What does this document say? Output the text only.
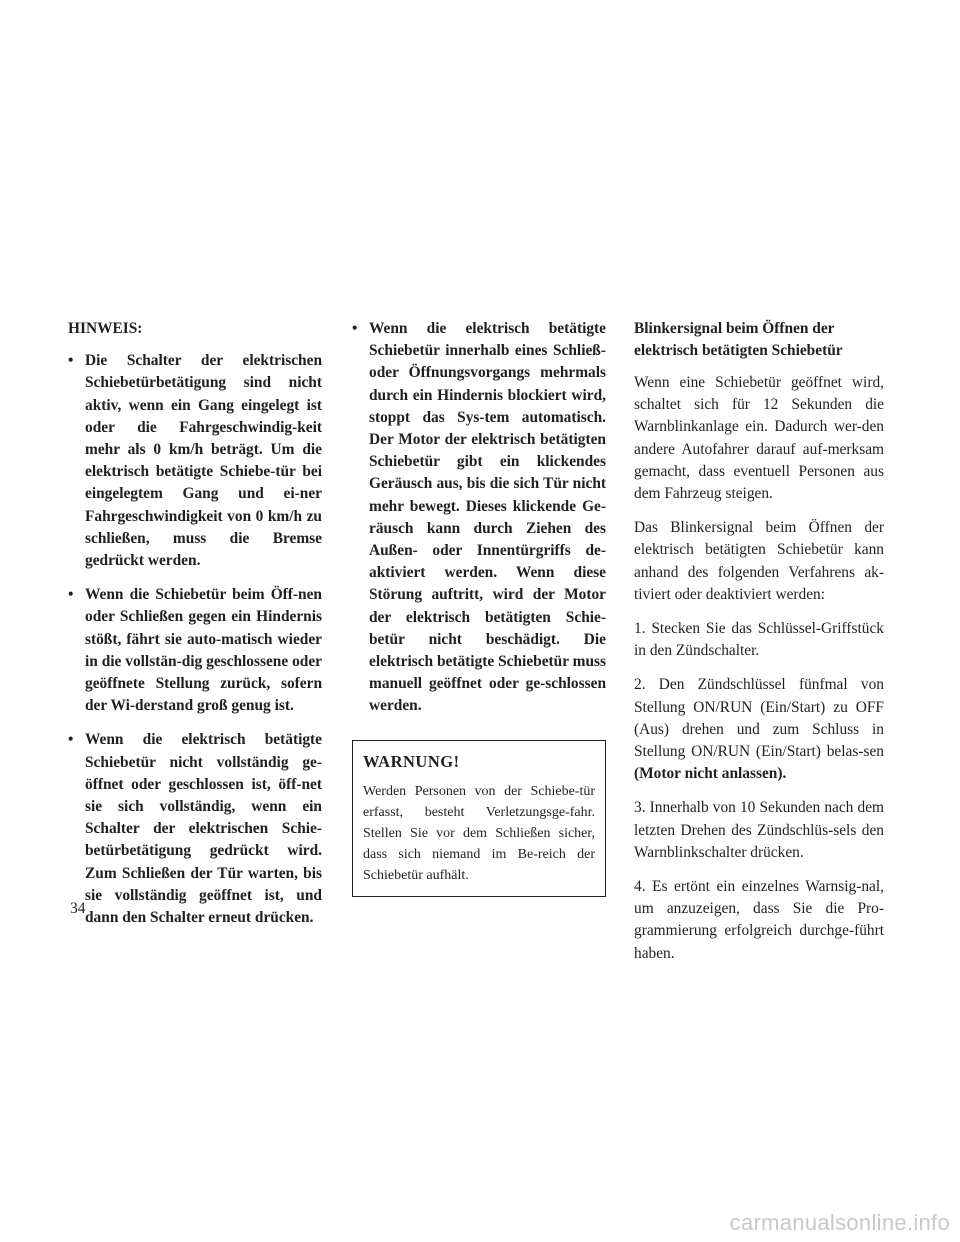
HINWEIS:

• Die Schalter der elektrischen Schiebetürbetätigung sind nicht aktiv, wenn ein Gang eingelegt ist oder die Fahrgeschwindig-keit mehr als 0 km/h beträgt. Um die elektrisch betätigte Schiebe-tür bei eingelegtem Gang und ei-ner Fahrgeschwindigkeit von 0 km/h zu schließen, muss die Bremse gedrückt werden.
• Wenn die Schiebetür beim Öff-nen oder Schließen gegen ein Hindernis stößt, fährt sie auto-matisch wieder in die vollstän-dig geschlossene oder geöffnete Stellung zurück, sofern der Wi-derstand groß genug ist.
• Wenn die elektrisch betätigte Schiebetür nicht vollständig ge-öffnet oder geschlossen ist, öff-net sie sich vollständig, wenn ein Schalter der elektrischen Schie-betürbetätigung gedrückt wird. Zum Schließen der Tür warten, bis sie vollständig geöffnet ist, und dann den Schalter erneut drücken.
• Wenn die elektrisch betätigte Schiebetür innerhalb eines Schließ- oder Öffnungsvorgangs mehrmals durch ein Hindernis blockiert wird, stoppt das Sys-tem automatisch. Der Motor der elektrisch betätigten Schiebetür gibt ein klickendes Geräusch aus, bis die sich Tür nicht mehr bewegt. Dieses klickende Ge-räusch kann durch Ziehen des Außen- oder Innentürgriffs de-aktiviert werden. Wenn diese Störung auftritt, wird der Motor der elektrisch betätigten Schie-betür nicht beschädigt. Die elektrisch betätigte Schiebetür muss manuell geöffnet oder ge-schlossen werden.
WARNUNG!
Werden Personen von der Schiebe-tür erfasst, besteht Verletzungsge-fahr. Stellen Sie vor dem Schließen sicher, dass sich niemand im Be-reich der Schiebetür aufhält.

Blinkersignal beim Öffnen der elektrisch betätigten Schiebetür

Wenn eine Schiebetür geöffnet wird, schaltet sich für 12 Sekunden die Warnblinkanlage ein. Dadurch wer-den andere Autofahrer darauf auf-merksam gemacht, dass eventuell Personen aus dem Fahrzeug steigen.

Das Blinkersignal beim Öffnen der elektrisch betätigten Schiebetür kann anhand des folgenden Verfahrens ak-tiviert oder deaktiviert werden:

1. Stecken Sie das Schlüssel-Griffstück in den Zündschalter.

2. Den Zündschlüssel fünfmal von Stellung ON/RUN (Ein/Start) zu OFF (Aus) drehen und zum Schluss in Stellung ON/RUN (Ein/Start) belas-sen (Motor nicht anlassen).

3. Innerhalb von 10 Sekunden nach dem letzten Drehen des Zündschlüs-sels den Warnblinkschalter drücken.

4. Es ertönt ein einzelnes Warnsig-nal, um anzuzeigen, dass Sie die Pro-grammierung erfolgreich durchge-führt haben.

34
carmanualsonline.info
